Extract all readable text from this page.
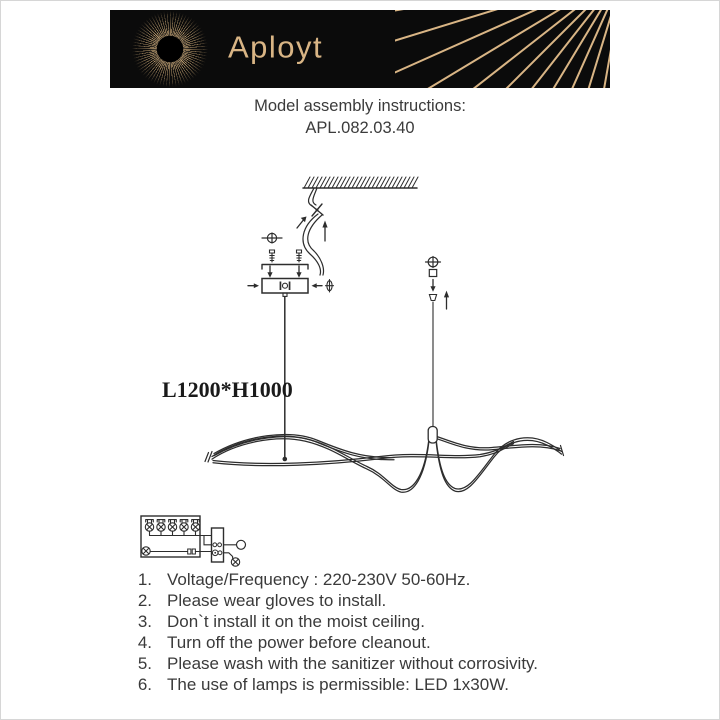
Aployt
Model assembly instructions:
APL.082.03.40
L1200*H1000
1. Voltage/Frequency : 220-230V 50-60Hz.
2. Please wear gloves to install.
3. Don`t install it on the moist ceiling.
4. Turn off the power before cleanout.
5. Please wash with the sanitizer without corrosivity.
6. The use of lamps is permissible: LED 1x30W.
